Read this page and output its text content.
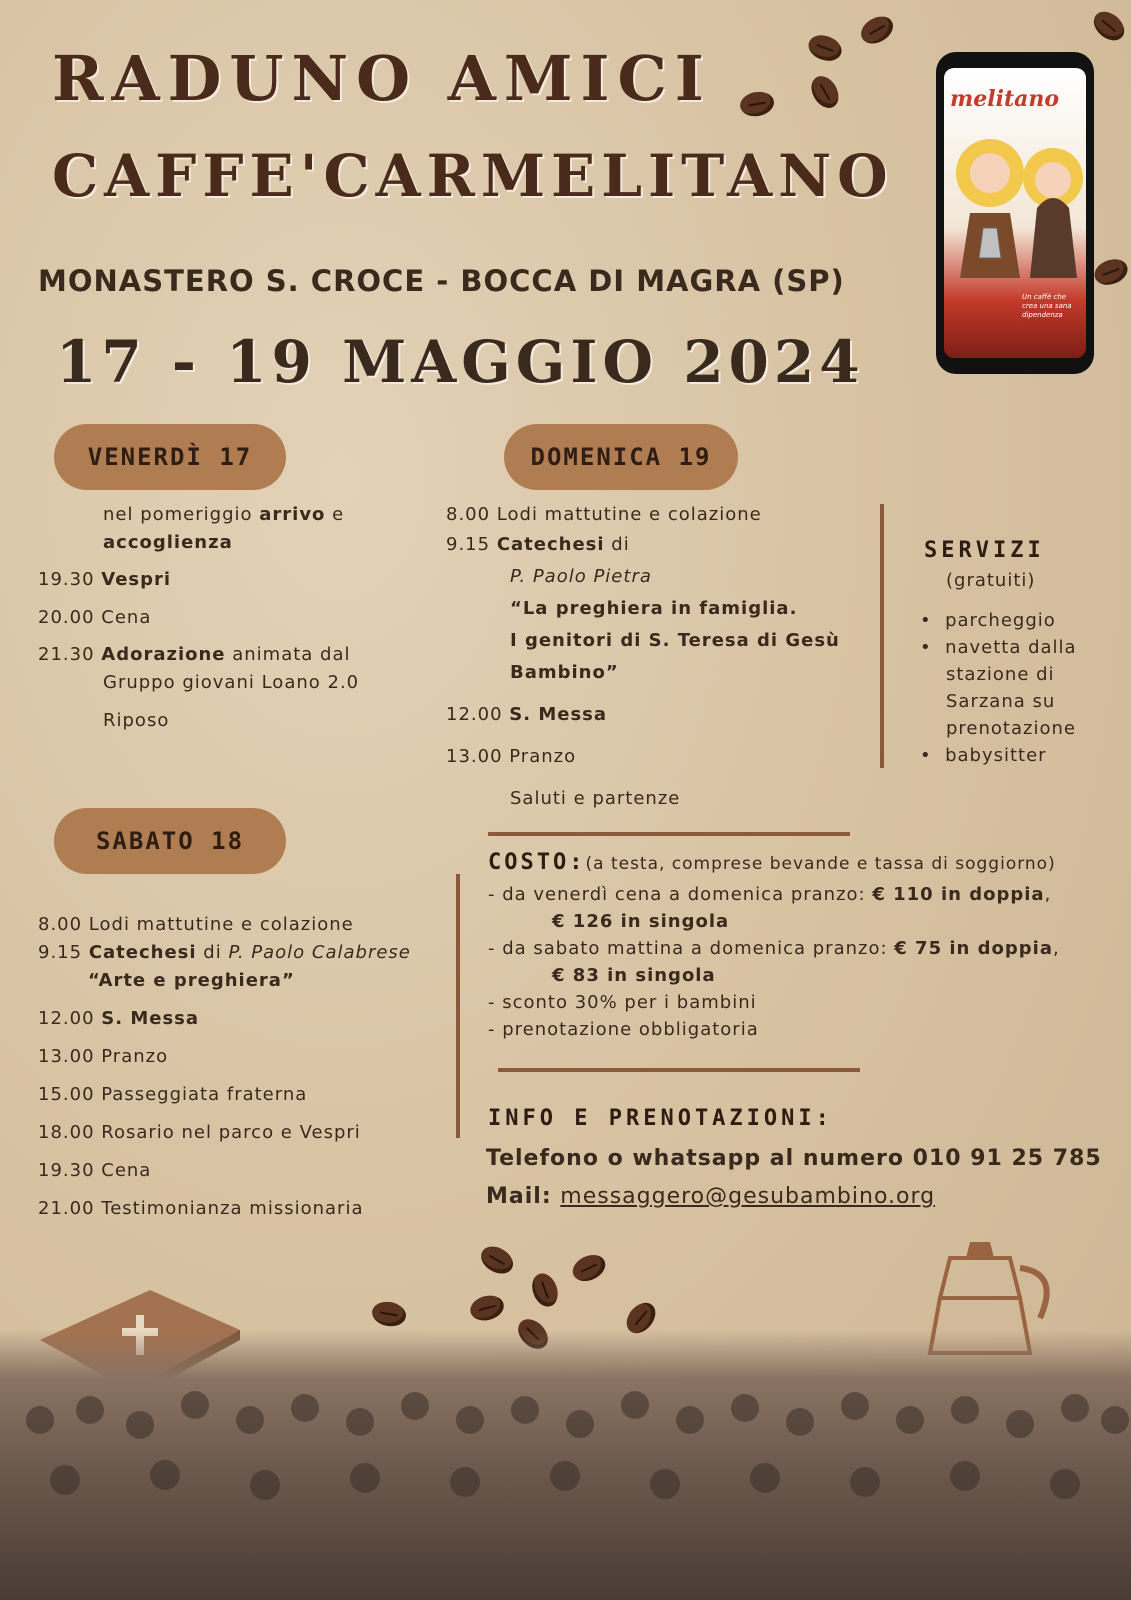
RADUNO AMICI
CAFFE'CARMELITANO
melitano
Un caffè che crea una sana dipendenza
MONASTERO S. CROCE - BOCCA DI MAGRA (SP)
17 - 19 MAGGIO 2024
VENERDÌ 17
nel pomeriggio arrivo e
accoglienza
19.30 Vespri
20.00 Cena
21.30 Adorazione animata dal
Gruppo giovani Loano 2.0
Riposo
DOMENICA 19
8.00 Lodi mattutine e colazione
9.15 Catechesi di
P. Paolo Pietra
“La preghiera in famiglia.
I genitori di S. Teresa di Gesù
Bambino”
12.00 S. Messa
13.00 Pranzo
Saluti e partenze
SERVIZI
(gratuiti)
•  parcheggio
•  navetta dalla
stazione di
Sarzana su
prenotazione
•  babysitter
SABATO 18
8.00 Lodi mattutine e colazione
9.15 Catechesi di P. Paolo Calabrese
“Arte e preghiera”
12.00 S. Messa
13.00 Pranzo
15.00 Passeggiata fraterna
18.00 Rosario nel parco e Vespri
19.30 Cena
21.00 Testimonianza missionaria
COSTO:(a testa, comprese bevande e tassa di soggiorno)
- da venerdì cena a domenica pranzo: € 110 in doppia,
€ 126 in singola
- da sabato mattina a domenica pranzo: € 75 in doppia,
€ 83 in singola
- sconto 30% per i bambini
- prenotazione obbligatoria
INFO E PRENOTAZIONI:
Telefono o whatsapp al numero 010 91 25 785
Mail: messaggero@gesubambino.org
